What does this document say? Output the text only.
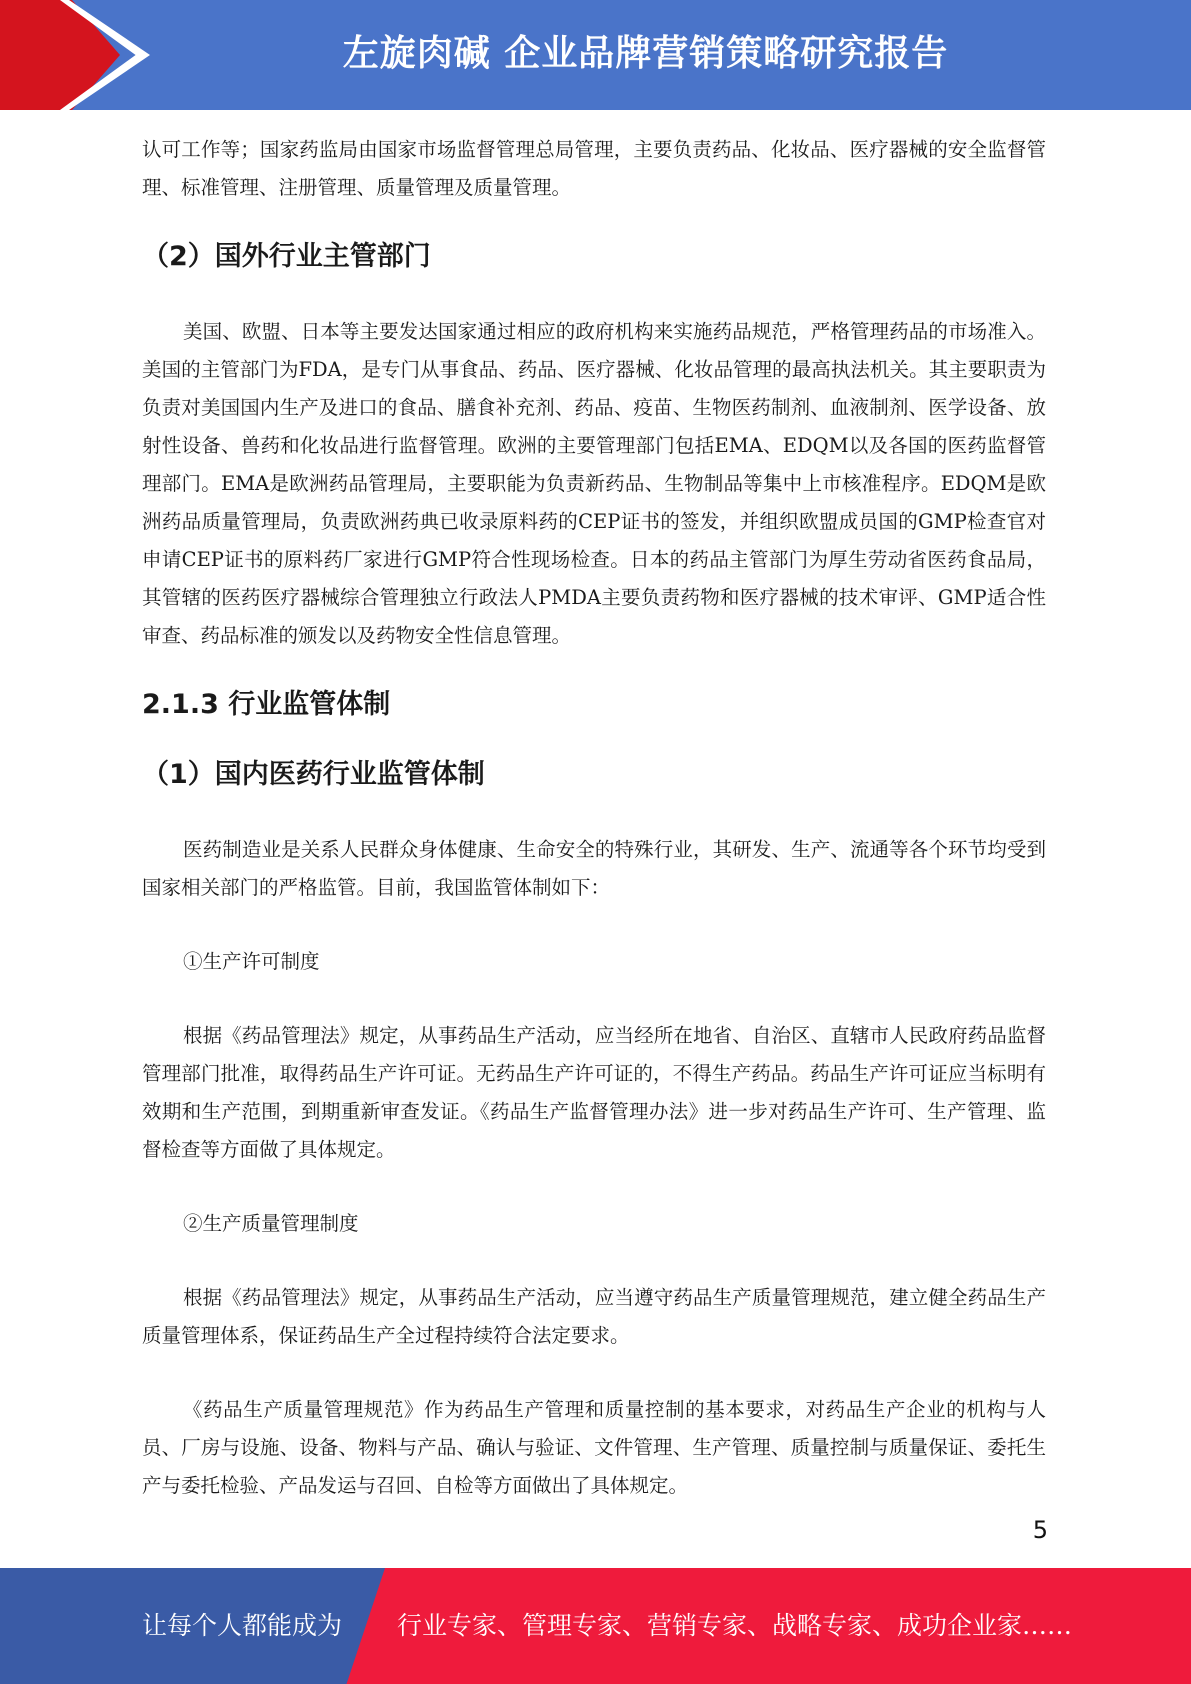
左旋肉碱 企业品牌营销策略研究报告

认可工作等；国家药监局由国家市场监督管理总局管理，主要负责药品、化妆品、医疗器械的安全监督管理、标准管理、注册管理、质量管理及质量管理。

（2）国外行业主管部门

美国、欧盟、日本等主要发达国家通过相应的政府机构来实施药品规范，严格管理药品的市场准入。美国的主管部门为FDA，是专门从事食品、药品、医疗器械、化妆品管理的最高执法机关。其主要职责为负责对美国国内生产及进口的食品、膳食补充剂、药品、疫苗、生物医药制剂、血液制剂、医学设备、放射性设备、兽药和化妆品进行监督管理。欧洲的主要管理部门包括EMA、EDQM以及各国的医药监督管理部门。EMA是欧洲药品管理局，主要职能为负责新药品、生物制品等集中上市核准程序。EDQM是欧洲药品质量管理局，负责欧洲药典已收录原料药的CEP证书的签发，并组织欧盟成员国的GMP检查官对申请CEP证书的原料药厂家进行GMP符合性现场检查。日本的药品主管部门为厚生劳动省医药食品局，其管辖的医药医疗器械综合管理独立行政法人PMDA主要负责药物和医疗器械的技术审评、GMP适合性审查、药品标准的颁发以及药物安全性信息管理。

2.1.3 行业监管体制
（1）国内医药行业监管体制

医药制造业是关系人民群众身体健康、生命安全的特殊行业，其研发、生产、流通等各个环节均受到国家相关部门的严格监管。目前，我国监管体制如下：

①生产许可制度

根据《药品管理法》规定，从事药品生产活动，应当经所在地省、自治区、直辖市人民政府药品监督管理部门批准，取得药品生产许可证。无药品生产许可证的，不得生产药品。药品生产许可证应当标明有效期和生产范围，到期重新审查发证。《药品生产监督管理办法》进一步对药品生产许可、生产管理、监督检查等方面做了具体规定。

②生产质量管理制度

根据《药品管理法》规定，从事药品生产活动，应当遵守药品生产质量管理规范，建立健全药品生产质量管理体系，保证药品生产全过程持续符合法定要求。

《药品生产质量管理规范》作为药品生产管理和质量控制的基本要求，对药品生产企业的机构与人员、厂房与设施、设备、物料与产品、确认与验证、文件管理、生产管理、质量控制与质量保证、委托生产与委托检验、产品发运与召回、自检等方面做出了具体规定。

5
让每个人都能成为 行业专家、管理专家、营销专家、战略专家、成功企业家……
